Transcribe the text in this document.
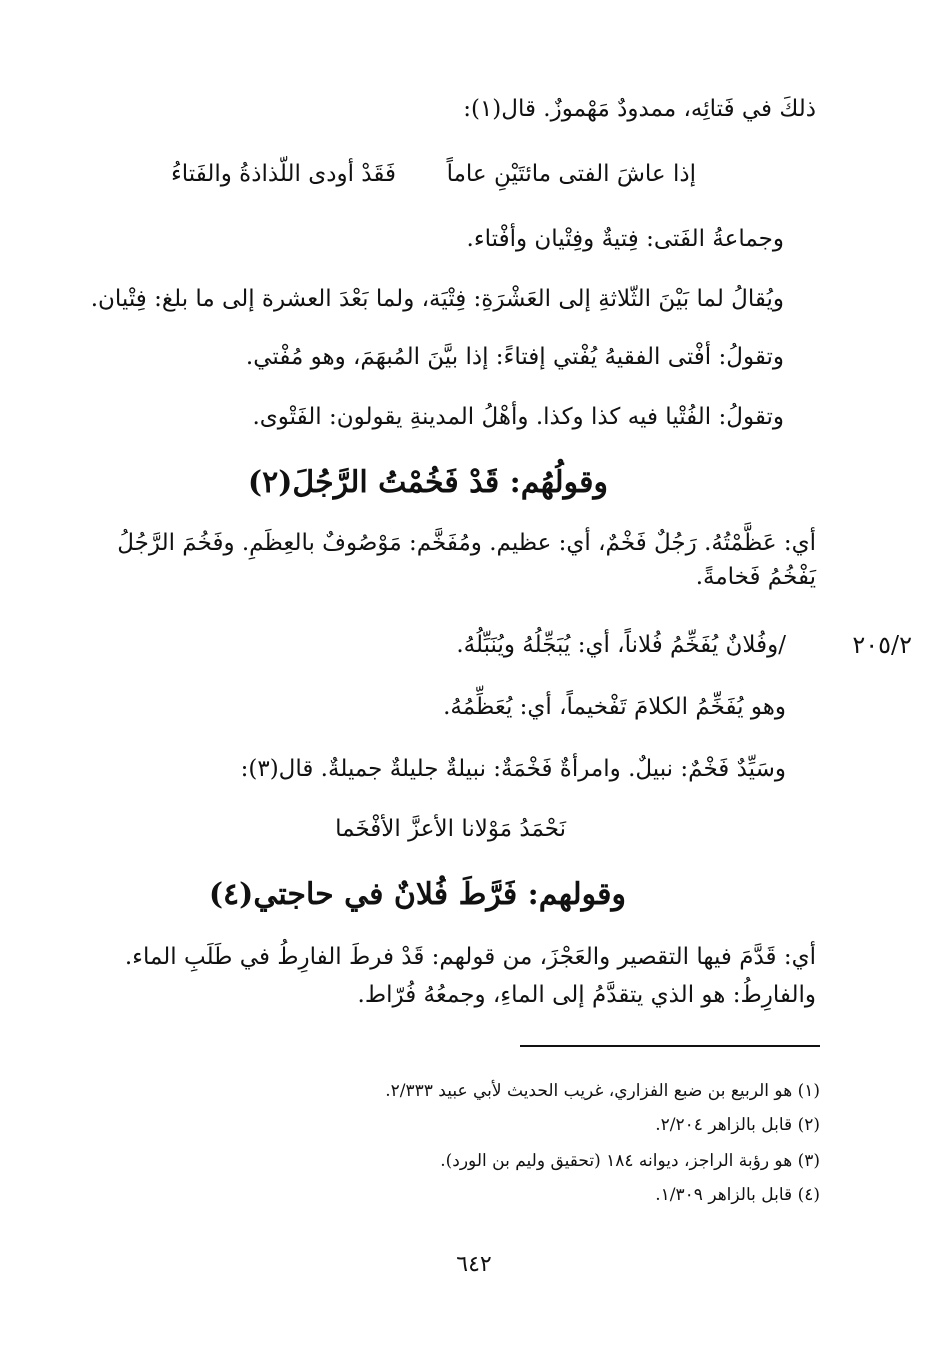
ذلكَ في فَتائِه، ممدودٌ مَهْموزٌ. قال(١):
إذا عاشَ الفتى مائتَيْنِ عاماً
فَقَدْ أودى اللّذاذةُ والفَتاءُ
وجماعةُ الفَتى: فِتيةٌ وفِتْيان وأفْتاء.
ويُقالُ لما بَيْنَ الثّلاثةِ إلى العَشْرَةِ: فِتْيَة، ولما بَعْدَ العشرة إلى ما بلغ: فِتْيان.
وتقولُ: أفْتى الفقيهُ يُفْتي إفتاءً: إذا بيَّنَ المُبهَمَ، وهو مُفْتي.
وتقولُ: الفُتْيا فيه كذا وكذا. وأهْلُ المدينةِ يقولون: الفَتْوى.
وقولُهُم: قَدْ فَخُمْتُ الرَّجُلَ(٢)
أي: عَظَّمْتُهُ. رَجُلٌ فَخْمٌ، أي: عظيم. ومُفَخَّم: مَوْصُوفٌ بالعِظَمِ. وفَخُمَ الرَّجُلُ
يَفْخُمُ فَخامةً.
٢٠٥/٢
/وفُلانٌ يُفَخِّمُ فُلاناً، أي: يُبَجِّلُهُ ويُنَبِّلُهُ.
وهو يُفَخِّمُ الكلامَ تَفْخيماً، أي: يُعَظِّمُهُ.
وسَيِّدٌ فَخْمٌ: نبيلٌ. وامرأةٌ فَخْمَةٌ: نبيلةٌ جليلةٌ جميلةٌ. قال(٣):
نَحْمَدُ مَوْلانا الأعزَّ الأفْخَما
وقولهم: فَرَّطَ فُلانٌ في حاجتي(٤)
أي: قَدَّمَ فيها التقصير والعَجْزَ، من قولهم: قَدْ فرطَ الفارِطُ في طَلَبِ الماء.
والفارِطُ: هو الذي يتقدَّمُ إلى الماءِ، وجمعُهُ فُرّاط.
(١) هو الربيع بن ضبع الفزاري، غريب الحديث لأبي عبيد ٢/٣٣٣.
(٢) قابل بالزاهر ٢/٢٠٤.
(٣) هو رؤبة الراجز، ديوانه ١٨٤ (تحقيق وليم بن الورد).
(٤) قابل بالزاهر ١/٣٠٩.
٦٤٢
